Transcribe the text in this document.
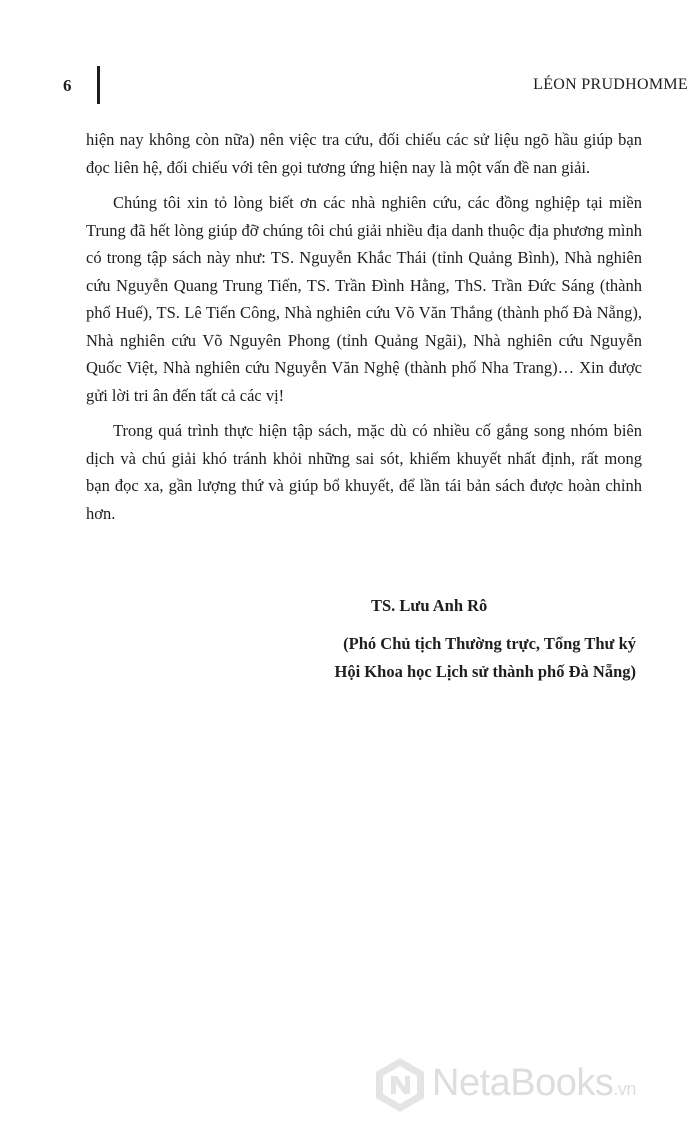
6	LÉON PRUDHOMME

hiện nay không còn nữa) nên việc tra cứu, đối chiếu các sử liệu ngõ hầu giúp bạn đọc liên hệ, đối chiếu với tên gọi tương ứng hiện nay là một vấn đề nan giải.

Chúng tôi xin tỏ lòng biết ơn các nhà nghiên cứu, các đồng nghiệp tại miền Trung đã hết lòng giúp đỡ chúng tôi chú giải nhiều địa danh thuộc địa phương mình có trong tập sách này như: TS. Nguyễn Khắc Thái (tỉnh Quảng Bình), Nhà nghiên cứu Nguyễn Quang Trung Tiến, TS. Trần Đình Hằng, ThS. Trần Đức Sáng (thành phố Huế), TS. Lê Tiến Công, Nhà nghiên cứu Võ Văn Thắng (thành phố Đà Nẵng), Nhà nghiên cứu Võ Nguyên Phong (tỉnh Quảng Ngãi), Nhà nghiên cứu Nguyễn Quốc Việt, Nhà nghiên cứu Nguyễn Văn Nghệ (thành phố Nha Trang)… Xin được gửi lời tri ân đến tất cả các vị!

Trong quá trình thực hiện tập sách, mặc dù có nhiều cố gắng song nhóm biên dịch và chú giải khó tránh khỏi những sai sót, khiếm khuyết nhất định, rất mong bạn đọc xa, gần lượng thứ và giúp bổ khuyết, để lần tái bản sách được hoàn chỉnh hơn.

TS. Lưu Anh Rô
(Phó Chủ tịch Thường trực, Tổng Thư ký
Hội Khoa học Lịch sử thành phố Đà Nẵng)
NetaBooks.vn
